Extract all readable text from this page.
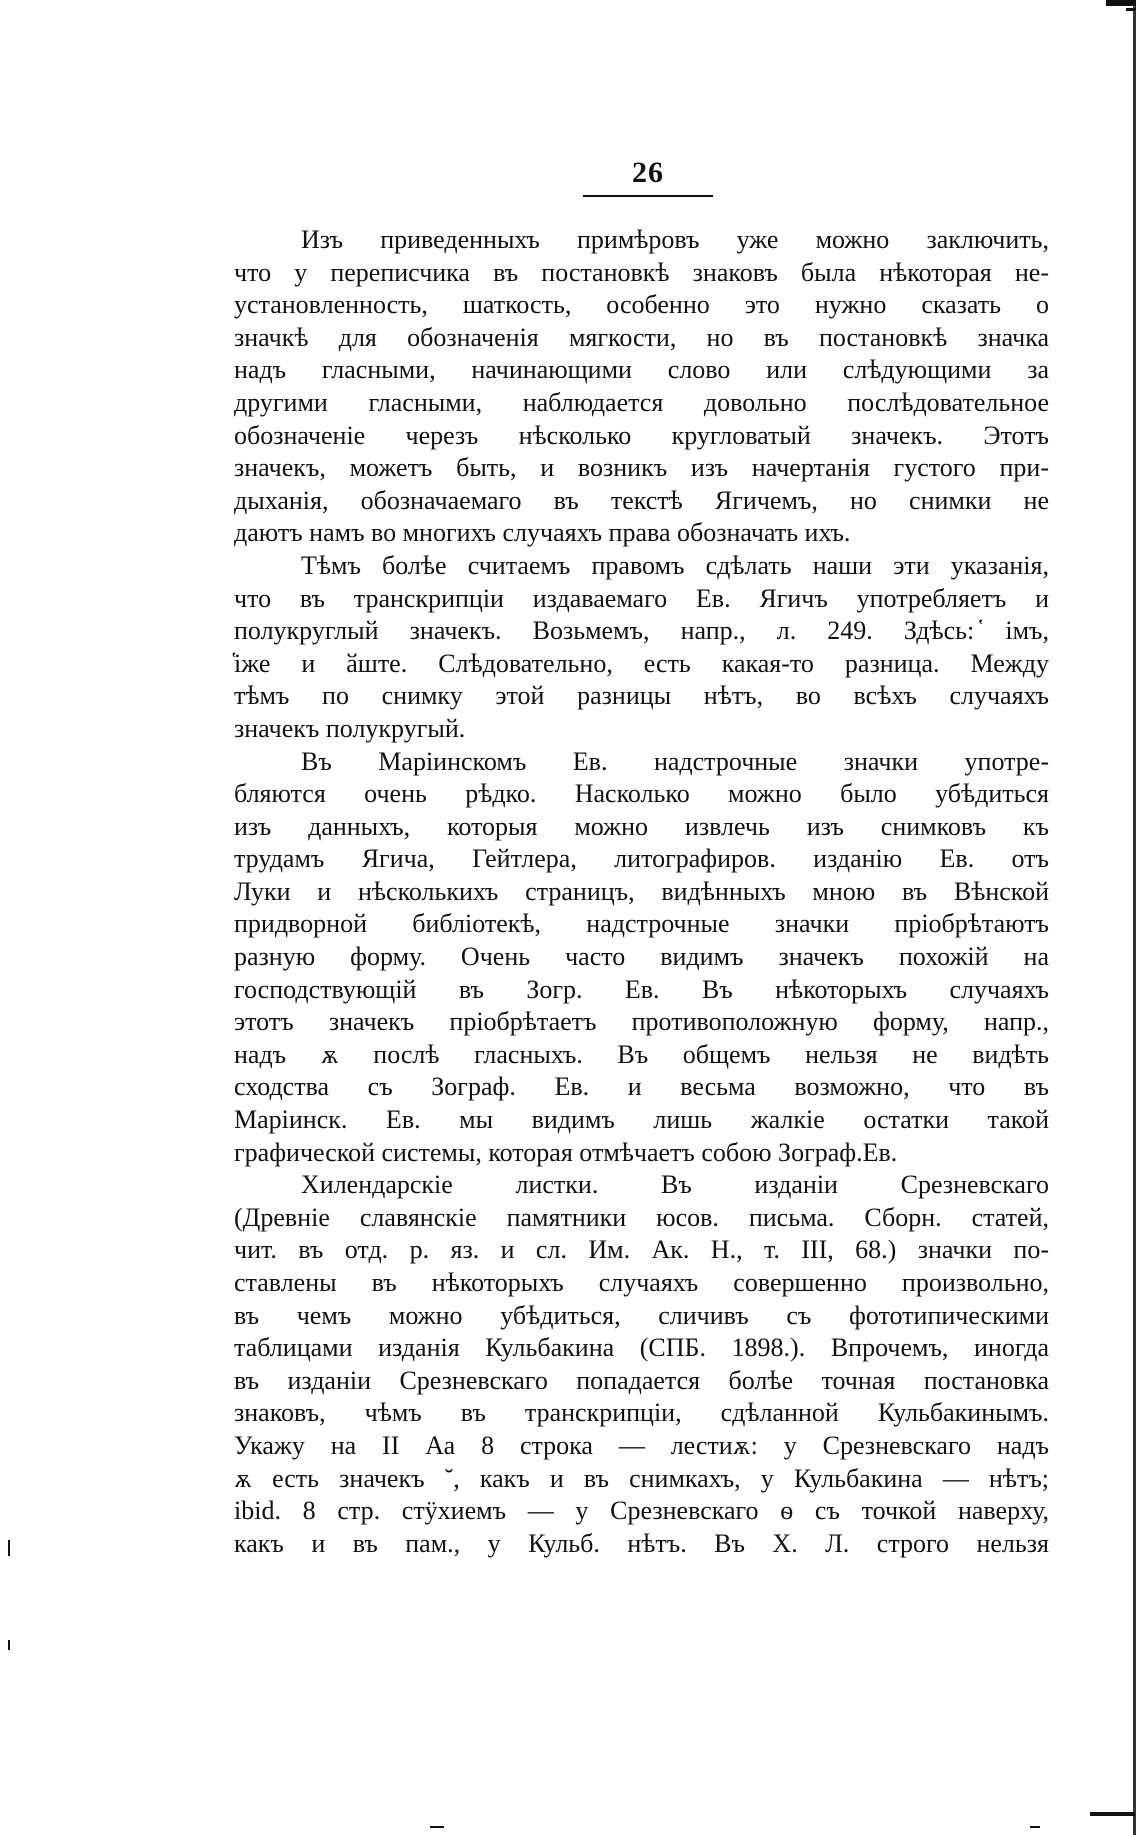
26
Изъ приведенныхъ примѣровъ уже можно заключить,
что у переписчика въ постановкѣ знаковъ была нѣкоторая не-
установленность, шаткость, особенно это нужно сказать о
значкѣ для обозначенія мягкости, но въ постановкѣ значка
надъ гласными, начинающими слово или слѣдующими за
другими гласными, наблюдается довольно послѣдовательное
обозначеніе черезъ нѣсколько кругловатый значекъ. Этотъ
значекъ, можетъ быть, и возникъ изъ начертанія густого при-
дыханія, обозначаемаго въ текстѣ Ягичемъ, но снимки не
даютъ намъ во многихъ случаяхъ права обозначать ихъ.
Тѣмъ болѣе считаемъ правомъ сдѣлать наши эти указанія,
что въ транскрипціи издаваемаго Ев. Ягичъ употребляетъ и
полукруглый значекъ. Возьмемъ, напр., л. 249. Здѣсь: ̔імъ,
̔іже и ӑште. Слѣдовательно, есть какая-то разница. Между
тѣмъ по снимку этой разницы нѣтъ, во всѣхъ случаяхъ
значекъ полукругый.
Въ Маріинскомъ Ев. надстрочные значки употре-
бляются очень рѣдко. Насколько можно было убѣдиться
изъ данныхъ, которыя можно извлечь изъ снимковъ къ
трудамъ Ягича, Гейтлера, литографиров. изданію Ев. отъ
Луки и нѣсколькихъ страницъ, видѣнныхъ мною въ Вѣнской
придворной библіотекѣ, надстрочные значки пріобрѣтаютъ
разную форму. Очень часто видимъ значекъ похожій на
господствующій въ Зогр. Ев. Въ нѣкоторыхъ случаяхъ
этотъ значекъ пріобрѣтаетъ противоположную форму, напр.,
надъ ѫ послѣ гласныхъ. Въ общемъ нельзя не видѣть
сходства съ Зограф. Ев. и весьма возможно, что въ
Маріинск. Ев. мы видимъ лишь жалкіе остатки такой
графической системы, которая отмѣчаетъ собою Зограф.Ев.
Хилендарскіе листки. Въ изданіи Срезневскаго
(Древніе славянскіе памятники юсов. письма. Сборн. статей,
чит. въ отд. р. яз. и сл. Им. Ак. Н., т. III, 68.) значки по-
ставлены въ нѣкоторыхъ случаяхъ совершенно произвольно,
въ чемъ можно убѣдиться, сличивъ съ фототипическими
таблицами изданія Кульбакина (СПБ. 1898.). Впрочемъ, иногда
въ изданіи Срезневскаго попадается болѣе точная постановка
знаковъ, чѣмъ въ транскрипціи, сдѣланной Кульбакинымъ.
Укажу на II Аа 8 строка — лестиѫ: у Срезневскаго надъ
ѫ есть значекъ ˘, какъ и въ снимкахъ, у Кульбакина — нѣтъ;
ibid. 8 стр. стӱхиемъ — у Срезневскаго ѳ съ точкой наверху,
какъ и въ пам., у Кульб. нѣтъ. Въ Х. Л. строго нельзя
